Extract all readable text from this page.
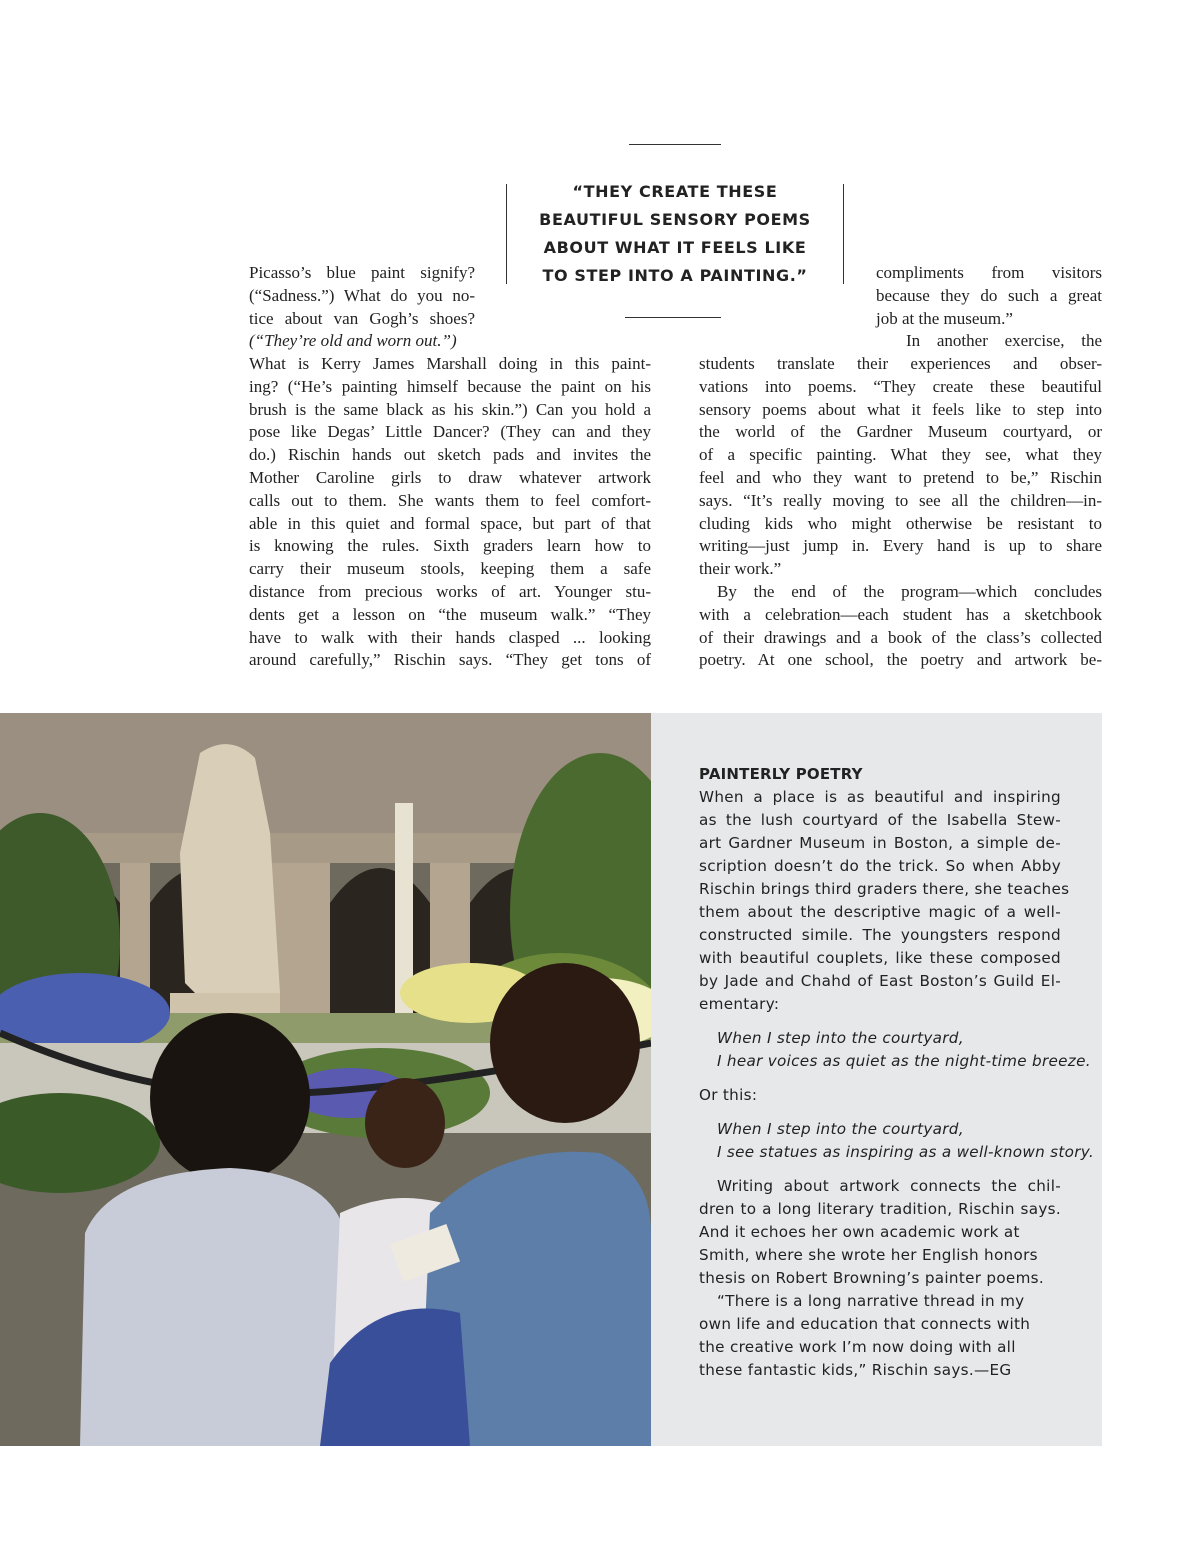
“THEY CREATE THESE
BEAUTIFUL SENSORY POEMS
ABOUT WHAT IT FEELS LIKE
TO STEP INTO A PAINTING.”
Picasso’s blue paint signify?
(“Sadness.”) What do you no-
tice about van Gogh’s shoes?
(“They’re old and worn out.”)
What is Kerry James Marshall doing in this paint-
ing? (“He’s painting himself because the paint on his
brush is the same black as his skin.”) Can you hold a
pose like Degas’ Little Dancer? (They can and they
do.) Rischin hands out sketch pads and invites the
Mother Caroline girls to draw whatever artwork
calls out to them. She wants them to feel comfort-
able in this quiet and formal space, but part of that
is knowing the rules. Sixth graders learn how to
carry their museum stools, keeping them a safe
distance from precious works of art. Younger stu-
dents get a lesson on “the museum walk.” “They
have to walk with their hands clasped ... looking
around carefully,” Rischin says. “They get tons of
compliments from visitors
because they do such a great
job at the museum.”
In another exercise, the
students translate their experiences and obser-
vations into poems. “They create these beautiful
sensory poems about what it feels like to step into
the world of the Gardner Museum courtyard, or
of a specific painting. What they see, what they
feel and who they want to pretend to be,” Rischin
says. “It’s really moving to see all the children—in-
cluding kids who might otherwise be resistant to
writing—just jump in. Every hand is up to share
their work.”
By the end of the program—which concludes
with a celebration—each student has a sketchbook
of their drawings and a book of the class’s collected
poetry. At one school, the poetry and artwork be-
PAINTERLY POETRY
When a place is as beautiful and inspiring
as the lush courtyard of the Isabella Stew-
art Gardner Museum in Boston, a simple de-
scription doesn’t do the trick. So when Abby
Rischin brings third graders there, she teaches
them about the descriptive magic of a well-
constructed simile. The youngsters respond
with beautiful couplets, like these composed
by Jade and Chahd of East Boston’s Guild El-
ementary:
When I step into the courtyard,
I hear voices as quiet as the night-time breeze.
Or this:
When I step into the courtyard,
I see statues as inspiring as a well-known story.
Writing about artwork connects the chil-
dren to a long literary tradition, Rischin says.
And it echoes her own academic work at
Smith, where she wrote her English honors
thesis on Robert Browning’s painter poems.
“There is a long narrative thread in my
own life and education that connects with
the creative work I’m now doing with all
these fantastic kids,” Rischin says.—EG
